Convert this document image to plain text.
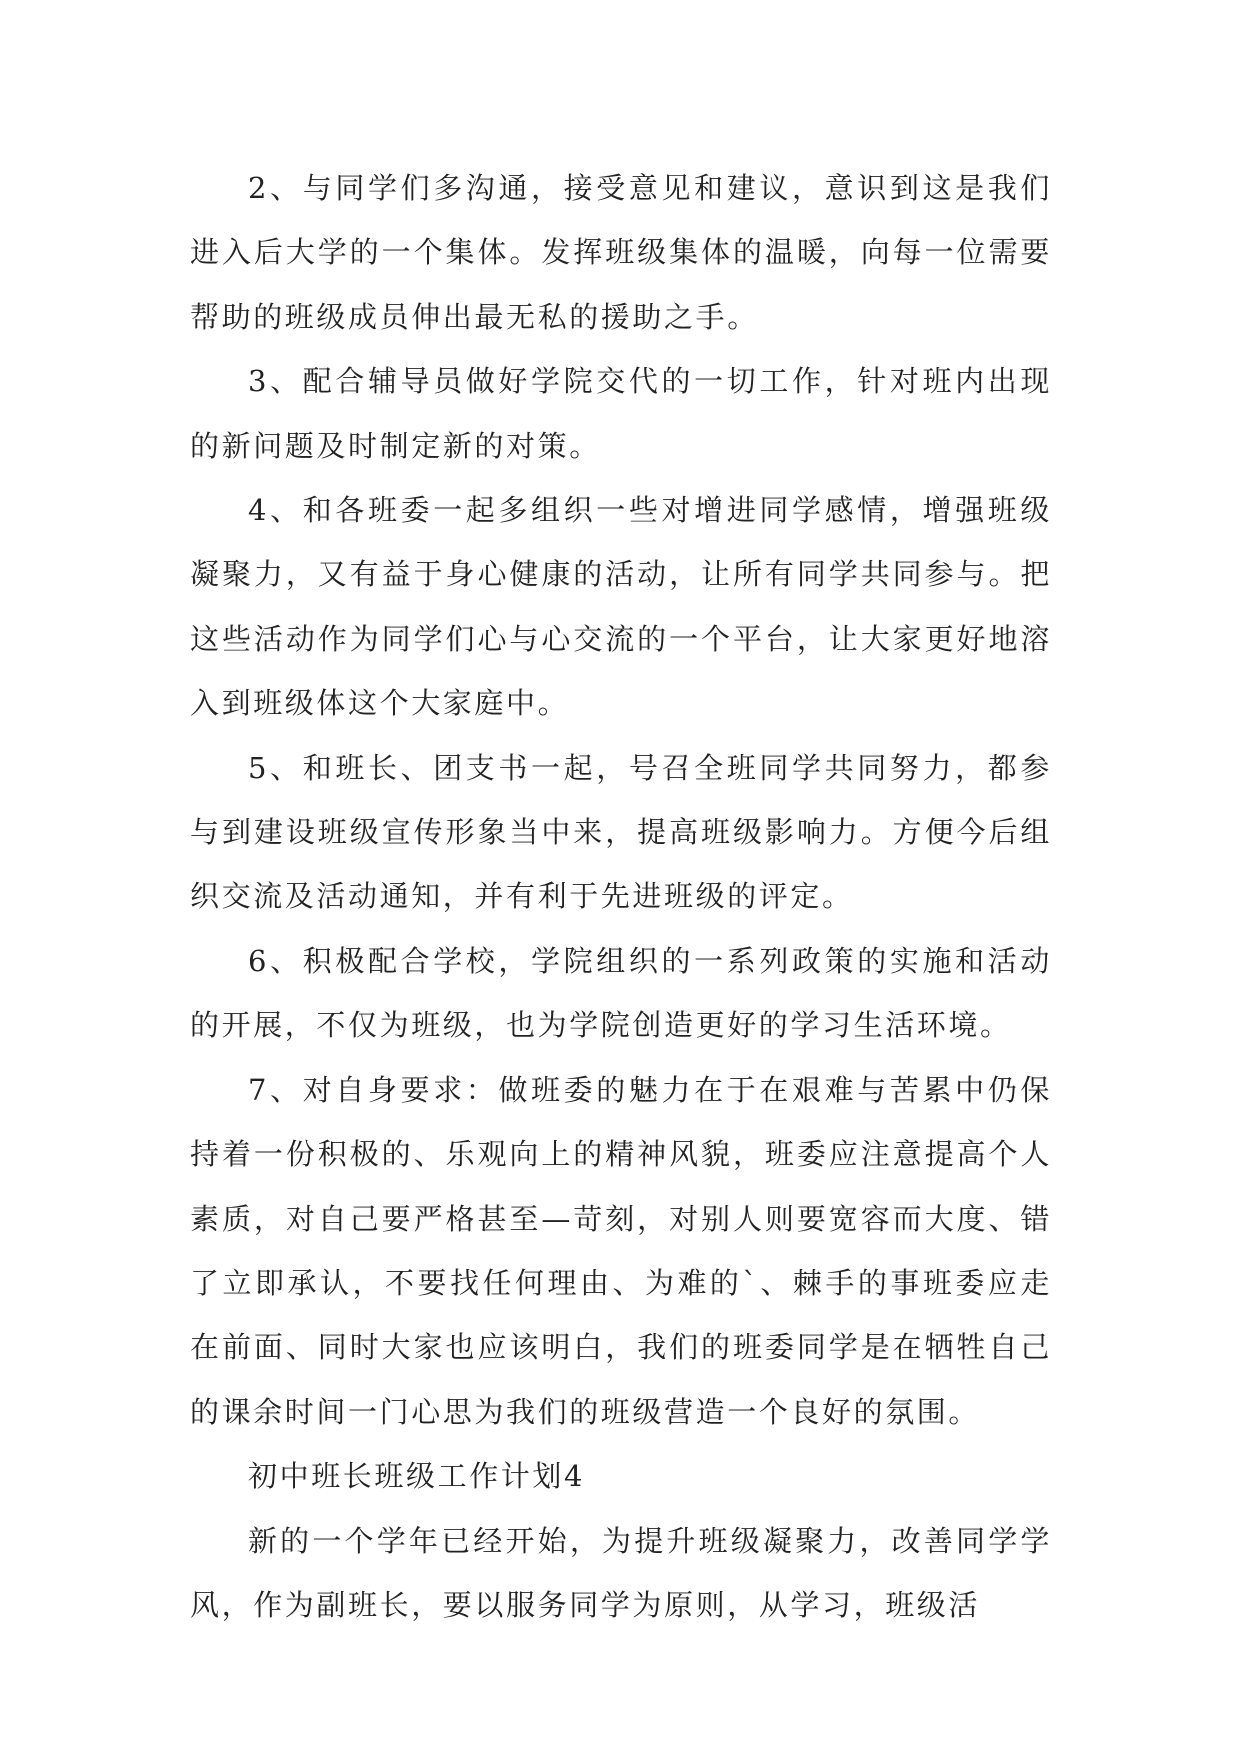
2、与同学们多沟通，接受意见和建议，意识到这是我们进入后大学的一个集体。发挥班级集体的温暖，向每一位需要帮助的班级成员伸出最无私的援助之手。

3、配合辅导员做好学院交代的一切工作，针对班内出现的新问题及时制定新的对策。

4、和各班委一起多组织一些对增进同学感情，增强班级凝聚力，又有益于身心健康的活动，让所有同学共同参与。把这些活动作为同学们心与心交流的一个平台，让大家更好地溶入到班级体这个大家庭中。

5、和班长、团支书一起，号召全班同学共同努力，都参与到建设班级宣传形象当中来，提高班级影响力。方便今后组织交流及活动通知，并有利于先进班级的评定。

6、积极配合学校，学院组织的一系列政策的实施和活动的开展，不仅为班级，也为学院创造更好的学习生活环境。

7、对自身要求：做班委的魅力在于在艰难与苦累中仍保持着一份积极的、乐观向上的精神风貌，班委应注意提高个人素质，对自己要严格甚至—苛刻，对别人则要宽容而大度、错了立即承认，不要找任何理由、为难的`、棘手的事班委应走在前面、同时大家也应该明白，我们的班委同学是在牺牲自己的课余时间一门心思为我们的班级营造一个良好的氛围。

初中班长班级工作计划4

新的一个学年已经开始，为提升班级凝聚力，改善同学学风，作为副班长，要以服务同学为原则，从学习，班级活
